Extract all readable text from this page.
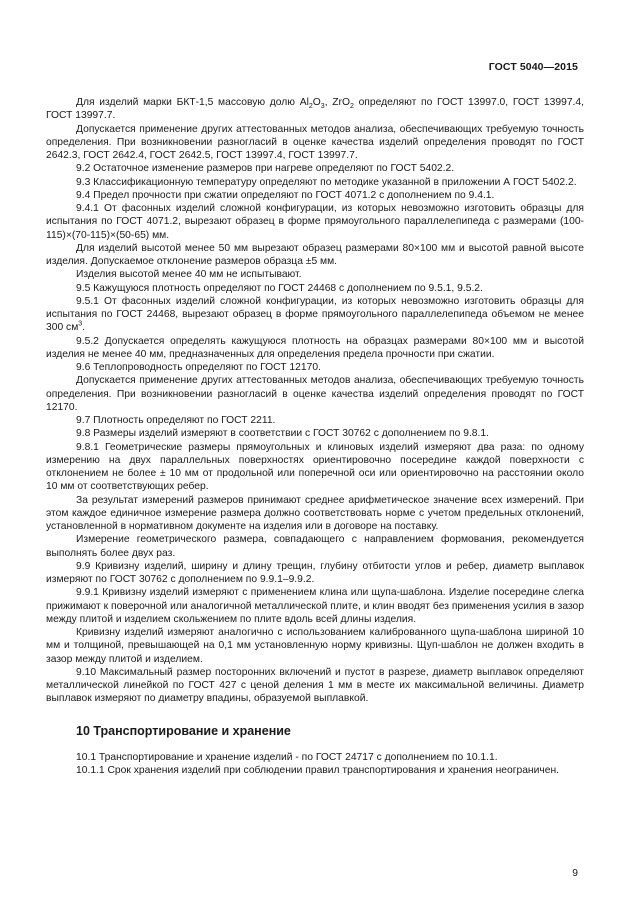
ГОСТ 5040—2015

Для изделий марки БКТ-1,5 массовую долю $Al_2O_3$, ZrO$_2$ определяют по ГОСТ 13997.0, ГОСТ 13997.4, ГОСТ 13997.7.

Допускается применение других аттестованных методов анализа, обеспечивающих требуемую точность определения. При возникновении разногласий в оценке качества изделий определения проводят по ГОСТ 2642.3, ГОСТ 2642.4, ГОСТ 2642.5, ГОСТ 13997.4, ГОСТ 13997.7.

9.2 Остаточное изменение размеров при нагреве определяют по ГОСТ 5402.2.

9.3 Классификационную температуру определяют по методике указанной в приложении А ГОСТ 5402.2.

9.4 Предел прочности при сжатии определяют по ГОСТ 4071.2 с дополнением по 9.4.1.

9.4.1 От фасонных изделий сложной конфигурации, из которых невозможно изготовить образцы для испытания по ГОСТ 4071.2, вырезают образец в форме прямоугольного параллелепипеда с размерами (100-115)×(70-115)×(50-65) мм.

Для изделий высотой менее 50 мм вырезают образец размерами 80×100 мм и высотой равной высоте изделия. Допускаемое отклонение размеров образца ±5 мм.

Изделия высотой менее 40 мм не испытывают.

9.5 Кажущуюся плотность определяют по ГОСТ 24468 с дополнением по 9.5.1, 9.5.2.

9.5.1 От фасонных изделий сложной конфигурации, из которых невозможно изготовить образцы для испытания по ГОСТ 24468, вырезают образец в форме прямоугольного параллелепипеда объемом не менее 300 $см^3$.

9.5.2 Допускается определять кажущуюся плотность на образцах размерами 80×100 мм и высотой изделия не менее 40 мм, предназначенных для определения предела прочности при сжатии.

9.6 Теплопроводность определяют по ГОСТ 12170.

Допускается применение других аттестованных методов анализа, обеспечивающих требуемую точность определения. При возникновении разногласий в оценке качества изделий определения проводят по ГОСТ 12170.

9.7 Плотность определяют по ГОСТ 2211.

9.8 Размеры изделий измеряют в соответствии с ГОСТ 30762 с дополнением по 9.8.1.

9.8.1 Геометрические размеры прямоугольных и клиновых изделий измеряют два раза: по одному измерению на двух параллельных поверхностях ориентировочно посередине каждой поверхности с отклонением не более ± 10 мм от продольной или поперечной оси или ориентировочно на расстоянии около 10 мм от соответствующих ребер.

За результат измерений размеров принимают среднее арифметическое значение всех измерений. При этом каждое единичное измерение размера должно соответствовать норме с учетом предельных отклонений, установленной в нормативном документе на изделия или в договоре на поставку.

Измерение геометрического размера, совпадающего с направлением формования, рекомендуется выполнять более двух раз.

9.9 Кривизну изделий, ширину и длину трещин, глубину отбитости углов и ребер, диаметр выплавок измеряют по ГОСТ 30762 с дополнением по 9.9.1–9.9.2.

9.9.1 Кривизну изделий измеряют с применением клина или щупа-шаблона. Изделие посередине слегка прижимают к поверочной или аналогичной металлической плите, и клин вводят без применения усилия в зазор между плитой и изделием скольжением по плите вдоль всей длины изделия.

Кривизну изделий измеряют аналогично с использованием калиброванного щупа-шаблона шириной 10 мм и толщиной, превышающей на 0,1 мм установленную норму кривизны. Щуп-шаблон не должен входить в зазор между плитой и изделием.

9.10 Максимальный размер посторонних включений и пустот в разрезе, диаметр выплавок определяют металлической линейкой по ГОСТ 427 с ценой деления 1 мм в месте их максимальной величины. Диаметр выплавок измеряют по диаметру впадины, образуемой выплавкой.

10 Транспортирование и хранение

10.1 Транспортирование и хранение изделий - по ГОСТ 24717 с дополнением по 10.1.1.

10.1.1 Срок хранения изделий при соблюдении правил транспортирования и хранения неограничен.

9
